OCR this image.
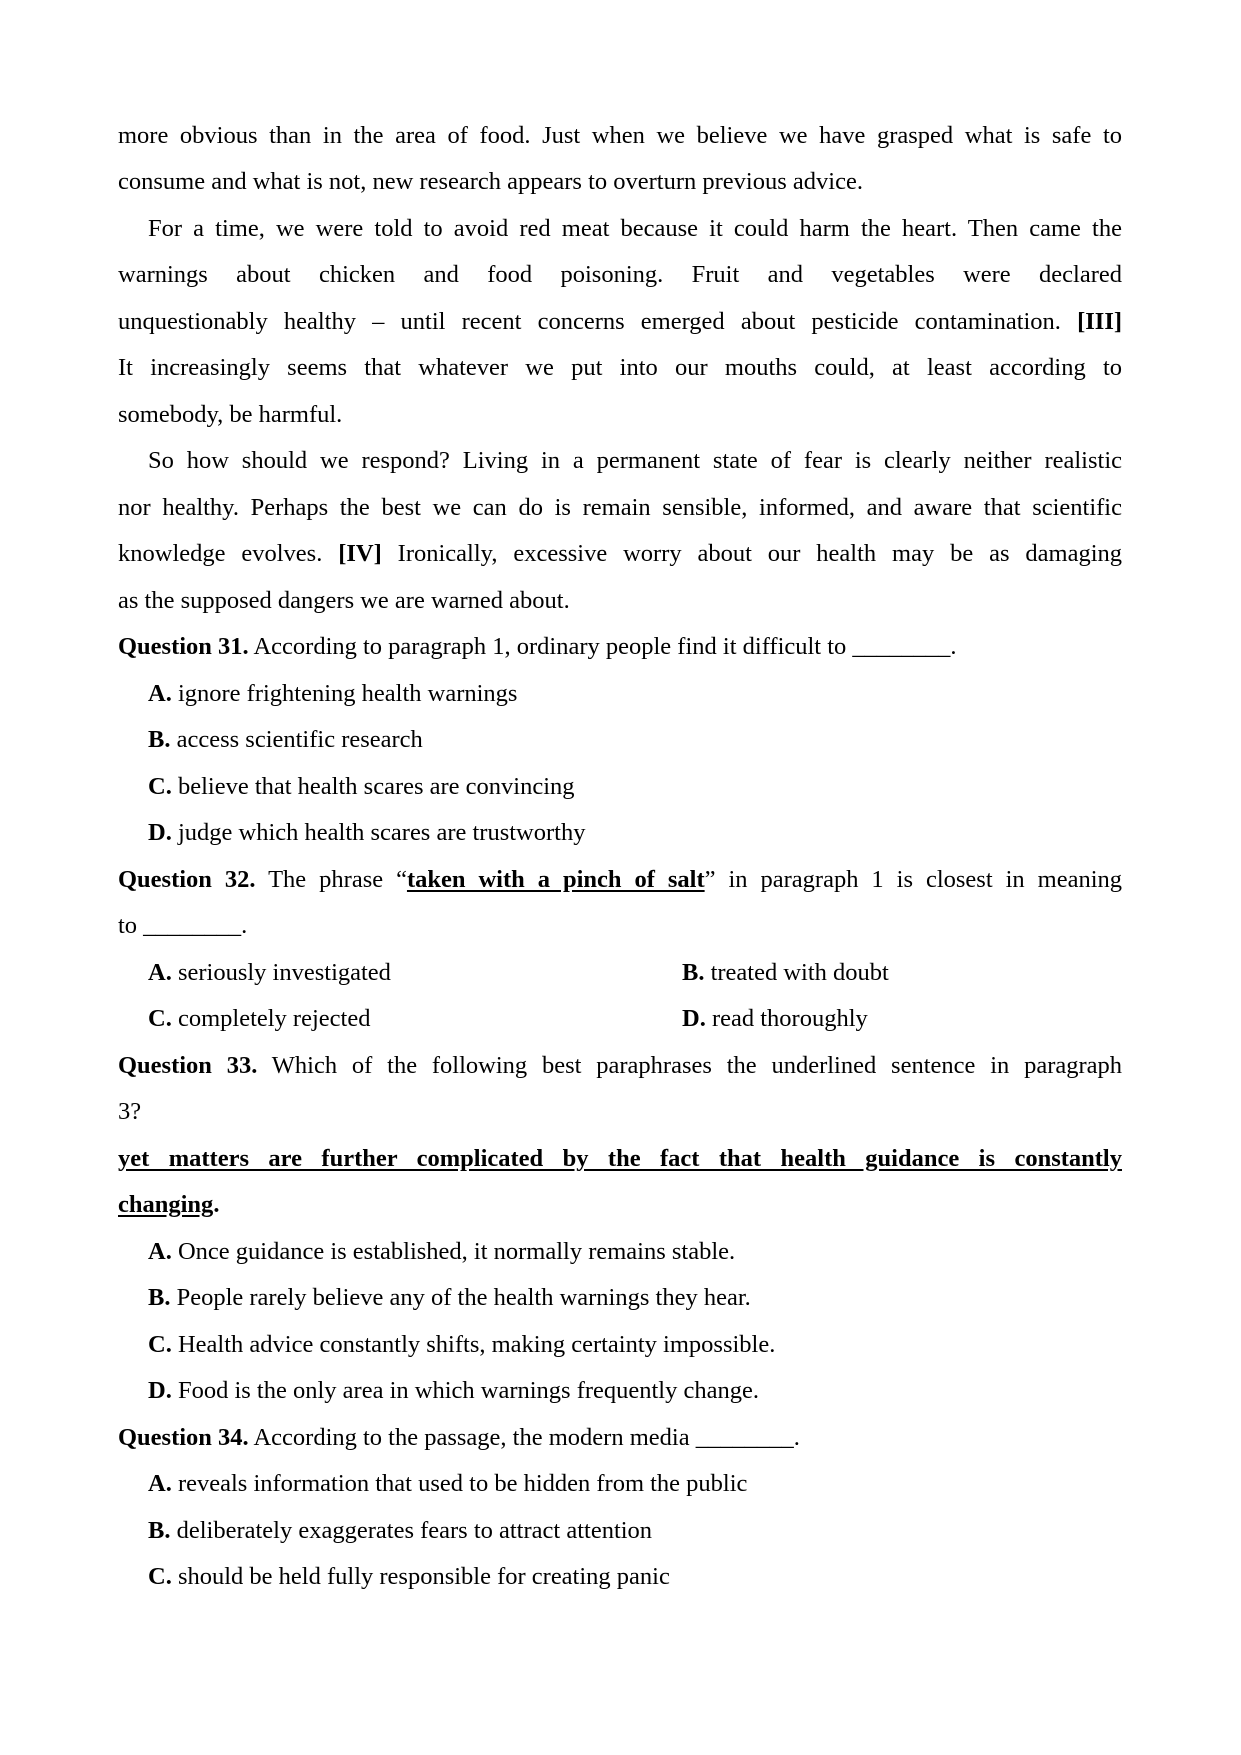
more obvious than in the area of food. Just when we believe we have grasped what is safe to
consume and what is not, new research appears to overturn previous advice.
For a time, we were told to avoid red meat because it could harm the heart. Then came the
warnings about chicken and food poisoning. Fruit and vegetables were declared
unquestionably healthy – until recent concerns emerged about pesticide contamination. [III]
It increasingly seems that whatever we put into our mouths could, at least according to
somebody, be harmful.
So how should we respond? Living in a permanent state of fear is clearly neither realistic
nor healthy. Perhaps the best we can do is remain sensible, informed, and aware that scientific
knowledge evolves. [IV] Ironically, excessive worry about our health may be as damaging
as the supposed dangers we are warned about.
Question 31. According to paragraph 1, ordinary people find it difficult to ________.
A. ignore frightening health warnings
B. access scientific research
C. believe that health scares are convincing
D. judge which health scares are trustworthy
Question 32. The phrase “taken with a pinch of salt” in paragraph 1 is closest in meaning
to ________.
A. seriously investigated	B. treated with doubt
C. completely rejected	D. read thoroughly
Question 33. Which of the following best paraphrases the underlined sentence in paragraph
3?
yet matters are further complicated by the fact that health guidance is constantly
changing.
A. Once guidance is established, it normally remains stable.
B. People rarely believe any of the health warnings they hear.
C. Health advice constantly shifts, making certainty impossible.
D. Food is the only area in which warnings frequently change.
Question 34. According to the passage, the modern media ________.
A. reveals information that used to be hidden from the public
B. deliberately exaggerates fears to attract attention
C. should be held fully responsible for creating panic
